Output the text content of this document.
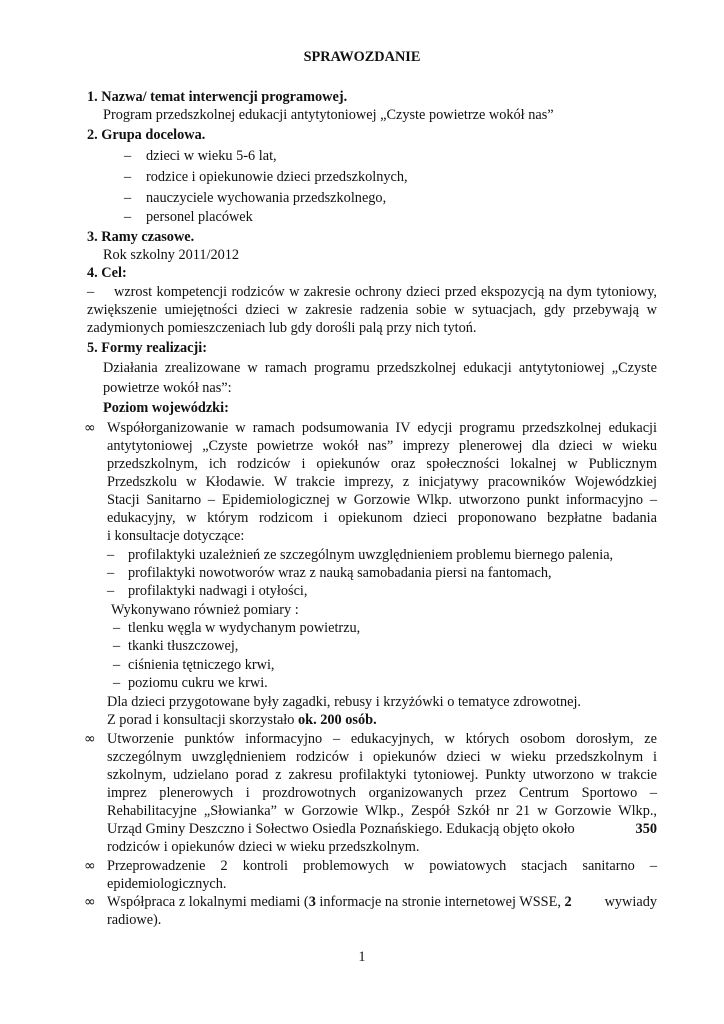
SPRAWOZDANIE
1. Nazwa/ temat interwencji programowej.
Program przedszkolnej edukacji antytytoniowej „Czyste powietrze wokół nas”
2. Grupa docelowa.
– dzieci w wieku 5-6 lat,
– rodzice i opiekunowie dzieci przedszkolnych,
– nauczyciele wychowania przedszkolnego,
– personel placówek
3. Ramy czasowe.
Rok szkolny 2011/2012
4. Cel:
– wzrost kompetencji rodziców w zakresie ochrony dzieci przed ekspozycją na dym tytoniowy,
zwiększenie umiejętności dzieci w zakresie radzenia sobie w sytuacjach, gdy przebywają w
zadymionych pomieszczeniach lub gdy dorośli palą przy nich tytoń.
5. Formy realizacji:
Działania zrealizowane w ramach programu przedszkolnej edukacji antytytoniowej „Czyste
powietrze wokół nas”:
Poziom wojewódzki:
∞ Współorganizowanie w ramach podsumowania IV edycji programu przedszkolnej edukacji
antytytoniowej „Czyste powietrze wokół nas” imprezy plenerowej dla dzieci w wieku
przedszkolnym, ich rodziców i opiekunów oraz społeczności lokalnej w Publicznym
Przedszkolu w Kłodawie. W trakcie imprezy, z inicjatywy pracowników Wojewódzkiej
Stacji Sanitarno – Epidemiologicznej w Gorzowie Wlkp. utworzono punkt informacyjno –
edukacyjny, w którym rodzicom i opiekunom dzieci proponowano bezpłatne badania
i konsultacje dotyczące:
– profilaktyki uzależnień ze szczególnym uwzględnieniem problemu biernego palenia,
– profilaktyki nowotworów wraz z nauką samobadania piersi na fantomach,
– profilaktyki nadwagi i otyłości,
Wykonywano również pomiary :
– tlenku węgla w wydychanym powietrzu,
– tkanki tłuszczowej,
– ciśnienia tętniczego krwi,
– poziomu cukru we krwi.
Dla dzieci przygotowane były zagadki, rebusy i krzyżówki o tematyce zdrowotnej.
Z porad i konsultacji skorzystało ok. 200 osób.
∞ Utworzenie punktów informacyjno – edukacyjnych, w których osobom dorosłym, ze
szczególnym uwzględnieniem rodziców i opiekunów dzieci w wieku przedszkolnym i
szkolnym, udzielano porad z zakresu profilaktyki tytoniowej. Punkty utworzono w trakcie
imprez plenerowych i prozdrowotnych organizowanych przez Centrum Sportowo –
Rehabilitacyjne „Słowianka” w Gorzowie Wlkp., Zespół Szkół nr 21 w Gorzowie Wlkp.,
Urząd Gminy Deszczno i Sołectwo Osiedla Poznańskiego. Edukacją objęto około	350
rodziców i opiekunów dzieci w wieku przedszkolnym.
∞ Przeprowadzenie 2 kontroli problemowych w powiatowych stacjach sanitarno –
epidemiologicznych.
∞ Współpraca z lokalnymi mediami (3 informacje na stronie internetowej WSSE, 2 wywiady
radiowe).
1
